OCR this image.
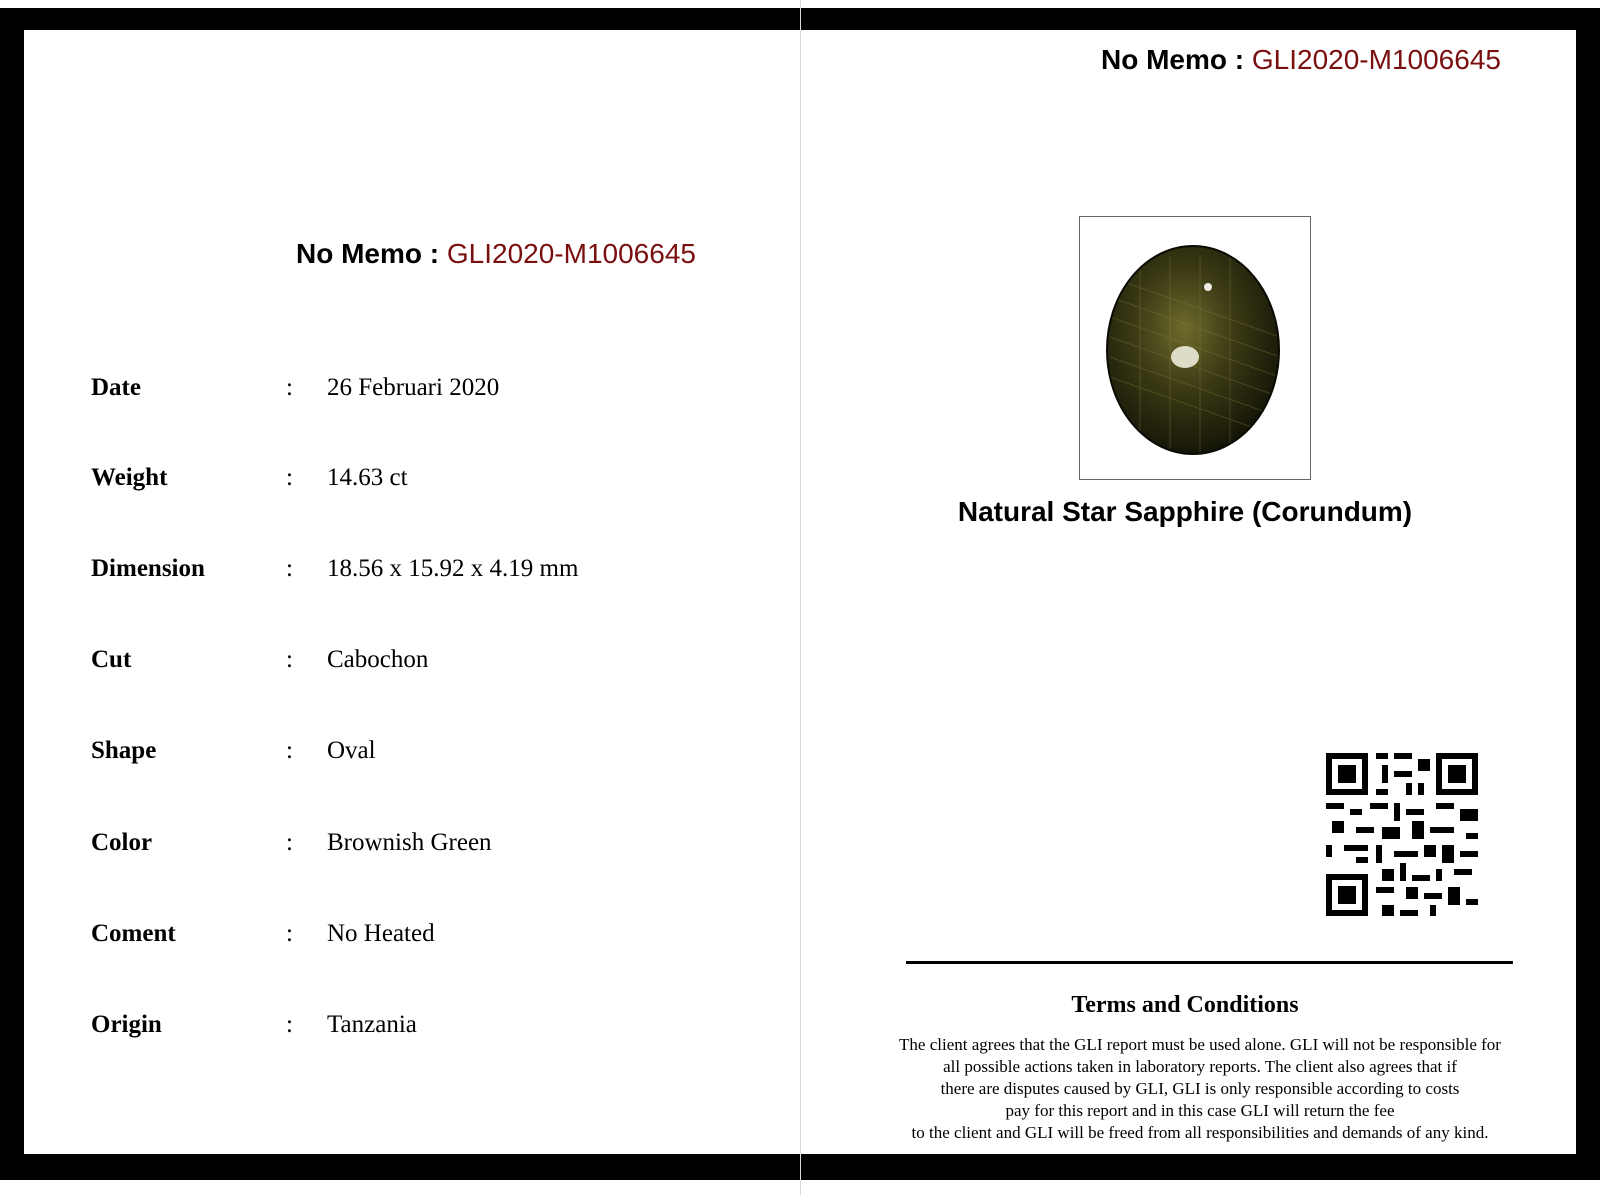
No Memo : GLI2020-M1006645
Date	: 26 Februari 2020
Weight	: 14.63 ct
Dimension	: 18.56 x 15.92 x 4.19 mm
Cut	: Cabochon
Shape	: Oval
Color	: Brownish Green
Coment	: No Heated
Origin	: Tanzania
No Memo : GLI2020-M1006645
Natural Star Sapphire (Corundum)
Terms and Conditions
The client agrees that the GLI report must be used alone. GLI will not be responsible for
all possible actions taken in laboratory reports. The client also agrees that if
there are disputes caused by GLI, GLI is only responsible according to costs
pay for this report and in this case GLI will return the fee
to the client and GLI will be freed from all responsibilities and demands of any kind.
